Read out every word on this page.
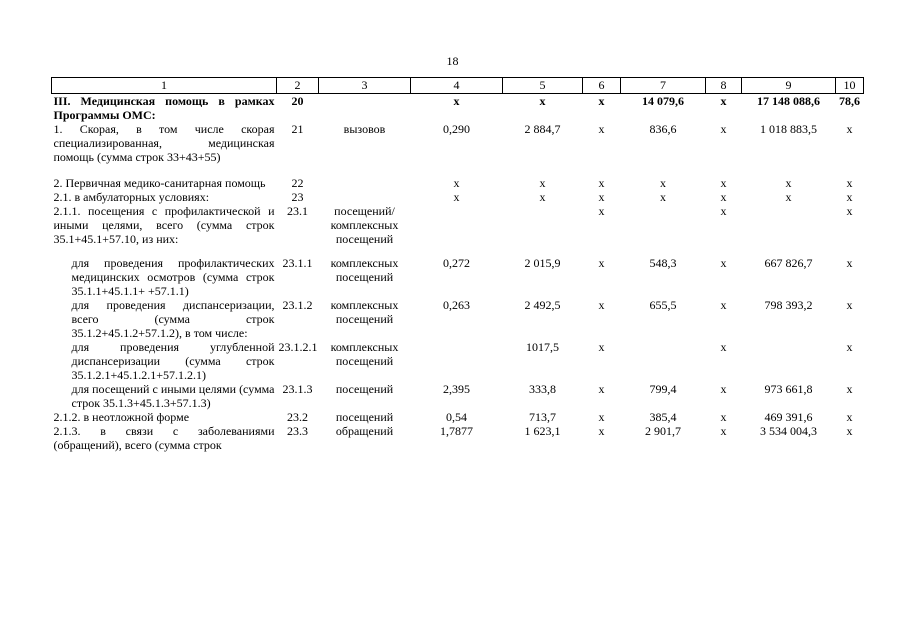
18
1	2	3	4	5	6	7	8	9	10
III. Медицинская помощь в рамках Программы ОМС:	20		x	x	x	14 079,6	x	17 148 088,6	78,6
1. Скорая, в том числе скорая специализированная, медицинская помощь (сумма строк 33+43+55)	21	вызовов	0,290	2 884,7	x	836,6	x	1 018 883,5	x

2. Первичная медико-санитарная помощь	22		x	x	x	x	x	x	x
2.1. в амбулаторных условиях:	23		x	x	x	x	x	x	x
2.1.1. посещения с профилактической и иными целями, всего (сумма строк 35.1+45.1+57.10, из них:	23.1	посещений/ комплексных посещений			x		x		x

для проведения профилактических медицинских осмотров (сумма строк 35.1.1+45.1.1+ +57.1.1)	23.1.1	комплексных посещений	0,272	2 015,9	x	548,3	x	667 826,7	x
для проведения диспансеризации, всего (сумма строк 35.1.2+45.1.2+57.1.2), в том числе:	23.1.2	комплексных посещений	0,263	2 492,5	x	655,5	x	798 393,2	x
для проведения углубленной диспансеризации (сумма строк 35.1.2.1+45.1.2.1+57.1.2.1)	23.1.2.1	комплексных посещений		1017,5	x		x		x
для посещений с иными целями (сумма строк 35.1.3+45.1.3+57.1.3)	23.1.3	посещений	2,395	333,8	x	799,4	x	973 661,8	x
2.1.2. в неотложной форме	23.2	посещений	0,54	713,7	x	385,4	x	469 391,6	x
2.1.3. в связи с заболеваниями (обращений), всего (сумма строк	23.3	обращений	1,7877	1 623,1	x	2 901,7	x	3 534 004,3	x
